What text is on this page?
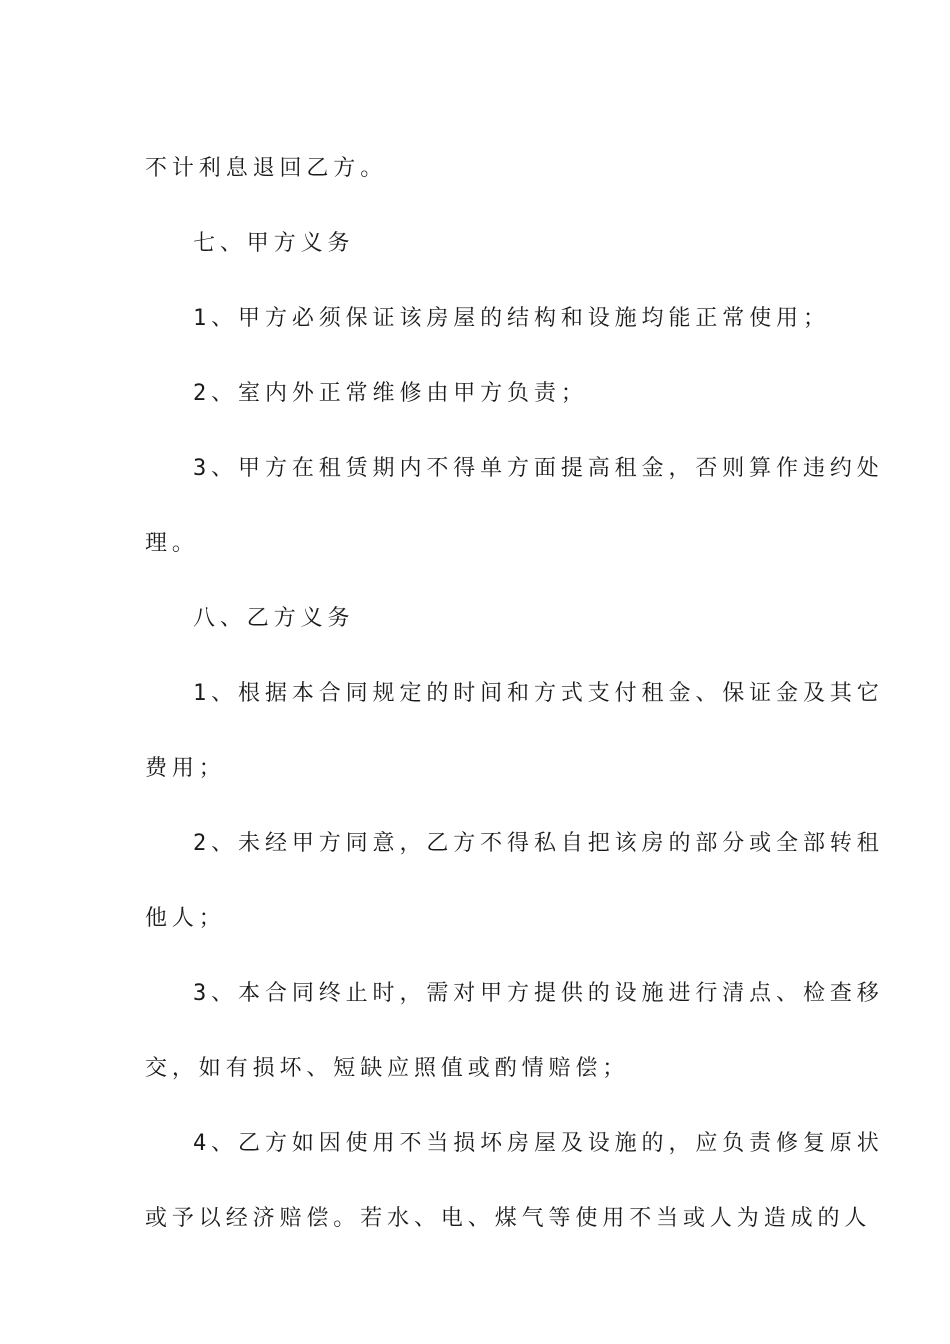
不计利息退回乙方。
七、甲方义务
1、甲方必须保证该房屋的结构和设施均能正常使用；
2、室内外正常维修由甲方负责；
3、甲方在租赁期内不得单方面提高租金，否则算作违约处
理。
八、乙方义务
1、根据本合同规定的时间和方式支付租金、保证金及其它
费用；
2、未经甲方同意，乙方不得私自把该房的部分或全部转租
他人；
3、本合同终止时，需对甲方提供的设施进行清点、检查移
交，如有损坏、短缺应照值或酌情赔偿；
4、乙方如因使用不当损坏房屋及设施的，应负责修复原状
或予以经济赔偿。若水、电、煤气等使用不当或人为造成的人
